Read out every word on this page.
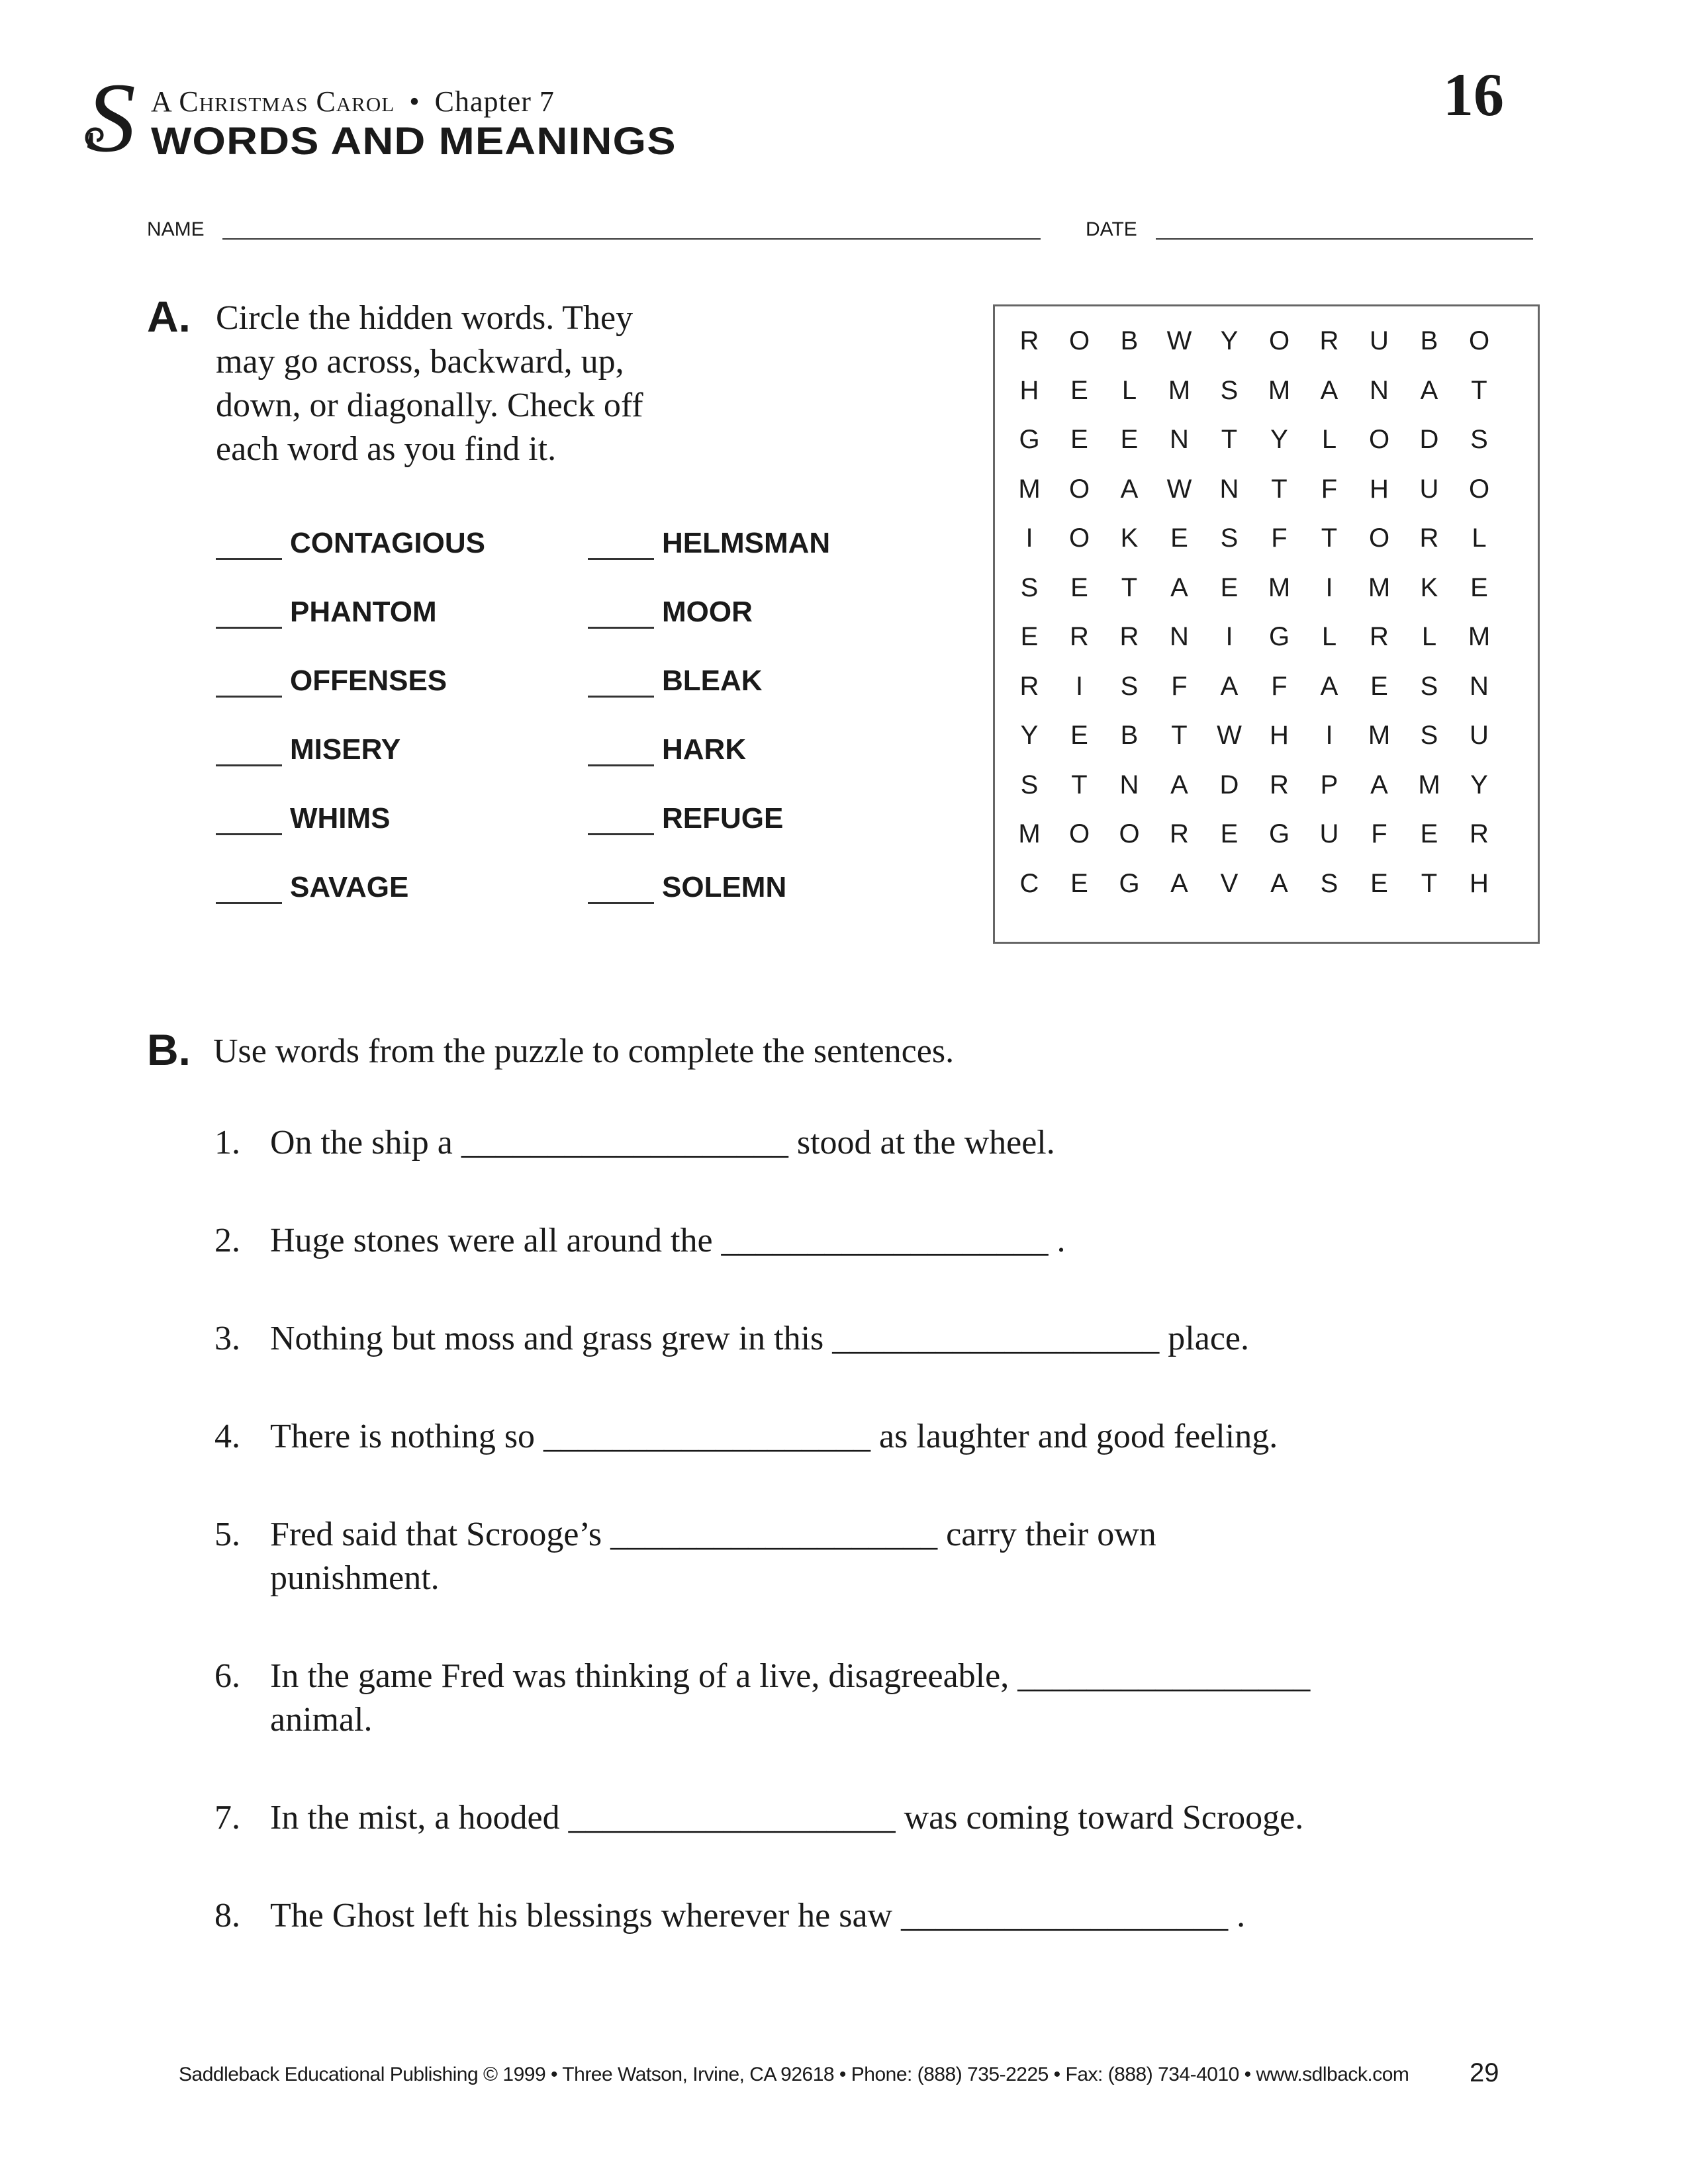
S A Christmas Carol • Chapter 7
WORDS AND MEANINGS
16
NAME	DATE
A. Circle the hidden words. They
may go across, backward, up,
down, or diagonally. Check off
each word as you find it.
CONTAGIOUS
PHANTOM
OFFENSES
MISERY
WHIMS
SAVAGE
HELMSMAN
MOOR
BLEAK
HARK
REFUGE
SOLEMN
R	O	B	W	Y	O	R	U	B	O
H	E	L	M	S	M	A	N	A	T
G	E	E	N	T	Y	L	O	D	S
M	O	A	W	N	T	F	H	U	O
I	O	K	E	S	F	T	O	R	L
S	E	T	A	E	M	I	M	K	E
E	R	R	N	I	G	L	R	L	M
R	I	S	F	A	F	A	E	S	N
Y	E	B	T	W	H	I	M	S	U
S	T	N	A	D	R	P	A	M	Y
M	O	O	R	E	G	U	F	E	R
C	E	G	A	V	A	S	E	T	H
B. Use words from the puzzle to complete the sentences.
1. On the ship a ___________________ stood at the wheel.
2. Huge stones were all around the ___________________ .
3. Nothing but moss and grass grew in this ___________________ place.
4. There is nothing so ___________________ as laughter and good feeling.
5. Fred said that Scrooge’s ___________________ carry their own
punishment.
6. In the game Fred was thinking of a live, disagreeable, _________________
animal.
7. In the mist, a hooded ___________________ was coming toward Scrooge.
8. The Ghost left his blessings wherever he saw ___________________ .
Saddleback Educational Publishing © 1999 • Three Watson, Irvine, CA 92618 • Phone: (888) 735-2225 • Fax: (888) 734-4010 • www.sdlback.com 29
